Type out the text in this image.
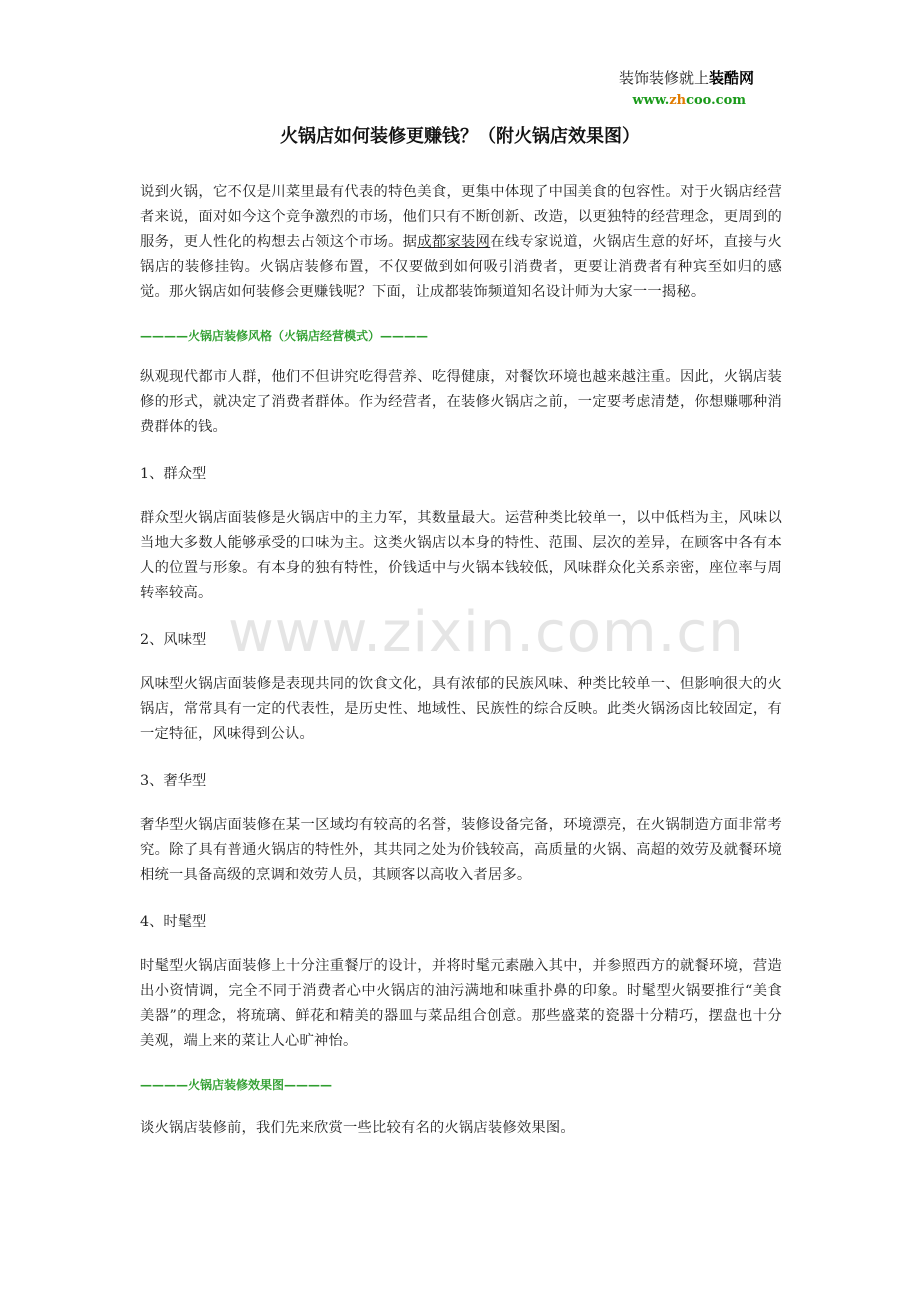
装饰装修就上装酷网
www.zhcoo.com
火锅店如何装修更赚钱？（附火锅店效果图）

说到火锅，它不仅是川菜里最有代表的特色美食，更集中体现了中国美食的包容性。对于火锅店经营者来说，面对如今这个竞争激烈的市场，他们只有不断创新、改造，以更独特的经营理念，更周到的服务，更人性化的构想去占领这个市场。据成都家装网在线专家说道，火锅店生意的好坏，直接与火锅店的装修挂钩。火锅店装修布置，不仅要做到如何吸引消费者，更要让消费者有种宾至如归的感觉。那火锅店如何装修会更赚钱呢？下面，让成都装饰频道知名设计师为大家一一揭秘。

————火锅店装修风格（火锅店经营模式）————

纵观现代都市人群，他们不但讲究吃得营养、吃得健康，对餐饮环境也越来越注重。因此，火锅店装修的形式，就决定了消费者群体。作为经营者，在装修火锅店之前，一定要考虑清楚，你想赚哪种消费群体的钱。

1、群众型

群众型火锅店面装修是火锅店中的主力军，其数量最大。运营种类比较单一，以中低档为主，风味以当地大多数人能够承受的口味为主。这类火锅店以本身的特性、范围、层次的差异，在顾客中各有本人的位置与形象。有本身的独有特性，价钱适中与火锅本钱较低，风味群众化关系亲密，座位率与周转率较高。

2、风味型

风味型火锅店面装修是表现共同的饮食文化，具有浓郁的民族风味、种类比较单一、但影响很大的火锅店，常常具有一定的代表性，是历史性、地域性、民族性的综合反映。此类火锅汤卤比较固定，有一定特征，风味得到公认。

3、奢华型

奢华型火锅店面装修在某一区域均有较高的名誉，装修设备完备，环境漂亮，在火锅制造方面非常考究。除了具有普通火锅店的特性外，其共同之处为价钱较高，高质量的火锅、高超的效劳及就餐环境相统一具备高级的烹调和效劳人员，其顾客以高收入者居多。

4、时髦型

时髦型火锅店面装修上十分注重餐厅的设计，并将时髦元素融入其中，并参照西方的就餐环境，营造出小资情调，完全不同于消费者心中火锅店的油污满地和味重扑鼻的印象。时髦型火锅要推行“美食美器”的理念，将琉璃、鲜花和精美的器皿与菜品组合创意。那些盛菜的瓷器十分精巧，摆盘也十分美观，端上来的菜让人心旷神怡。

————火锅店装修效果图————

谈火锅店装修前，我们先来欣赏一些比较有名的火锅店装修效果图。

www.zixin.com.cn
